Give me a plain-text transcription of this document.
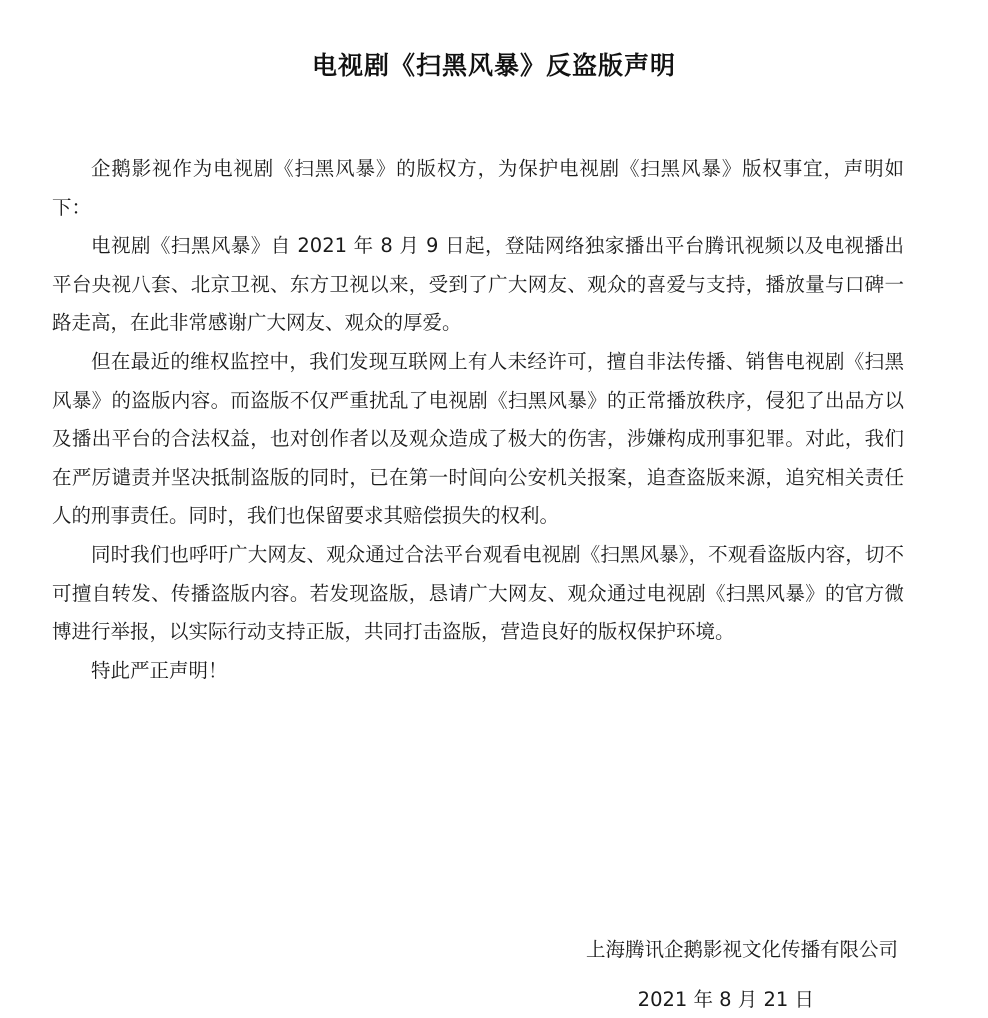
电视剧《扫黑风暴》反盗版声明

企鹅影视作为电视剧《扫黑风暴》的版权方，为保护电视剧《扫黑风暴》版权事宜，声明如下：

电视剧《扫黑风暴》自 2021 年 8 月 9 日起，登陆网络独家播出平台腾讯视频以及电视播出平台央视八套、北京卫视、东方卫视以来，受到了广大网友、观众的喜爱与支持，播放量与口碑一路走高，在此非常感谢广大网友、观众的厚爱。

但在最近的维权监控中，我们发现互联网上有人未经许可，擅自非法传播、销售电视剧《扫黑风暴》的盗版内容。而盗版不仅严重扰乱了电视剧《扫黑风暴》的正常播放秩序，侵犯了出品方以及播出平台的合法权益，也对创作者以及观众造成了极大的伤害，涉嫌构成刑事犯罪。对此，我们在严厉谴责并坚决抵制盗版的同时，已在第一时间向公安机关报案，追查盗版来源，追究相关责任人的刑事责任。同时，我们也保留要求其赔偿损失的权利。

同时我们也呼吁广大网友、观众通过合法平台观看电视剧《扫黑风暴》，不观看盗版内容，切不可擅自转发、传播盗版内容。若发现盗版，恳请广大网友、观众通过电视剧《扫黑风暴》的官方微博进行举报，以实际行动支持正版，共同打击盗版，营造良好的版权保护环境。

特此严正声明！

上海腾讯企鹅影视文化传播有限公司
2021 年 8 月 21 日
